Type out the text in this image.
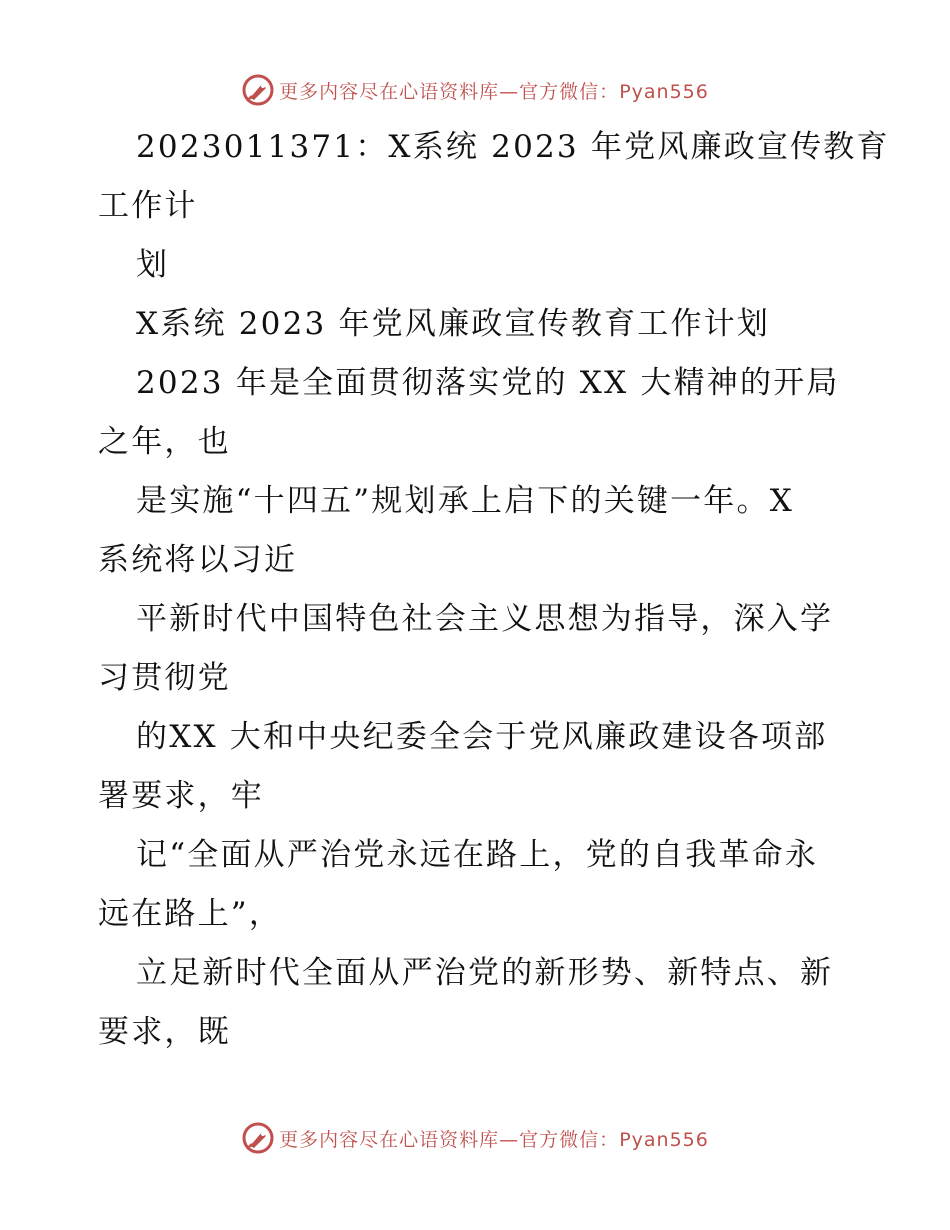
更多内容尽在心语资料库—官方微信：Pyan556

2023011371：X系统 2023 年党风廉政宣传教育
工作计

划

X系统 2023 年党风廉政宣传教育工作计划

2023 年是全面贯彻落实党的 XX 大精神的开局
之年，也

是实施“十四五”规划承上启下的关键一年。X
系统将以习近

平新时代中国特色社会主义思想为指导，深入学
习贯彻党

的XX 大和中央纪委全会于党风廉政建设各项部
署要求，牢

记“全面从严治党永远在路上，党的自我革命永
远在路上”，

立足新时代全面从严治党的新形势、新特点、新
要求，既

更多内容尽在心语资料库—官方微信：Pyan556
